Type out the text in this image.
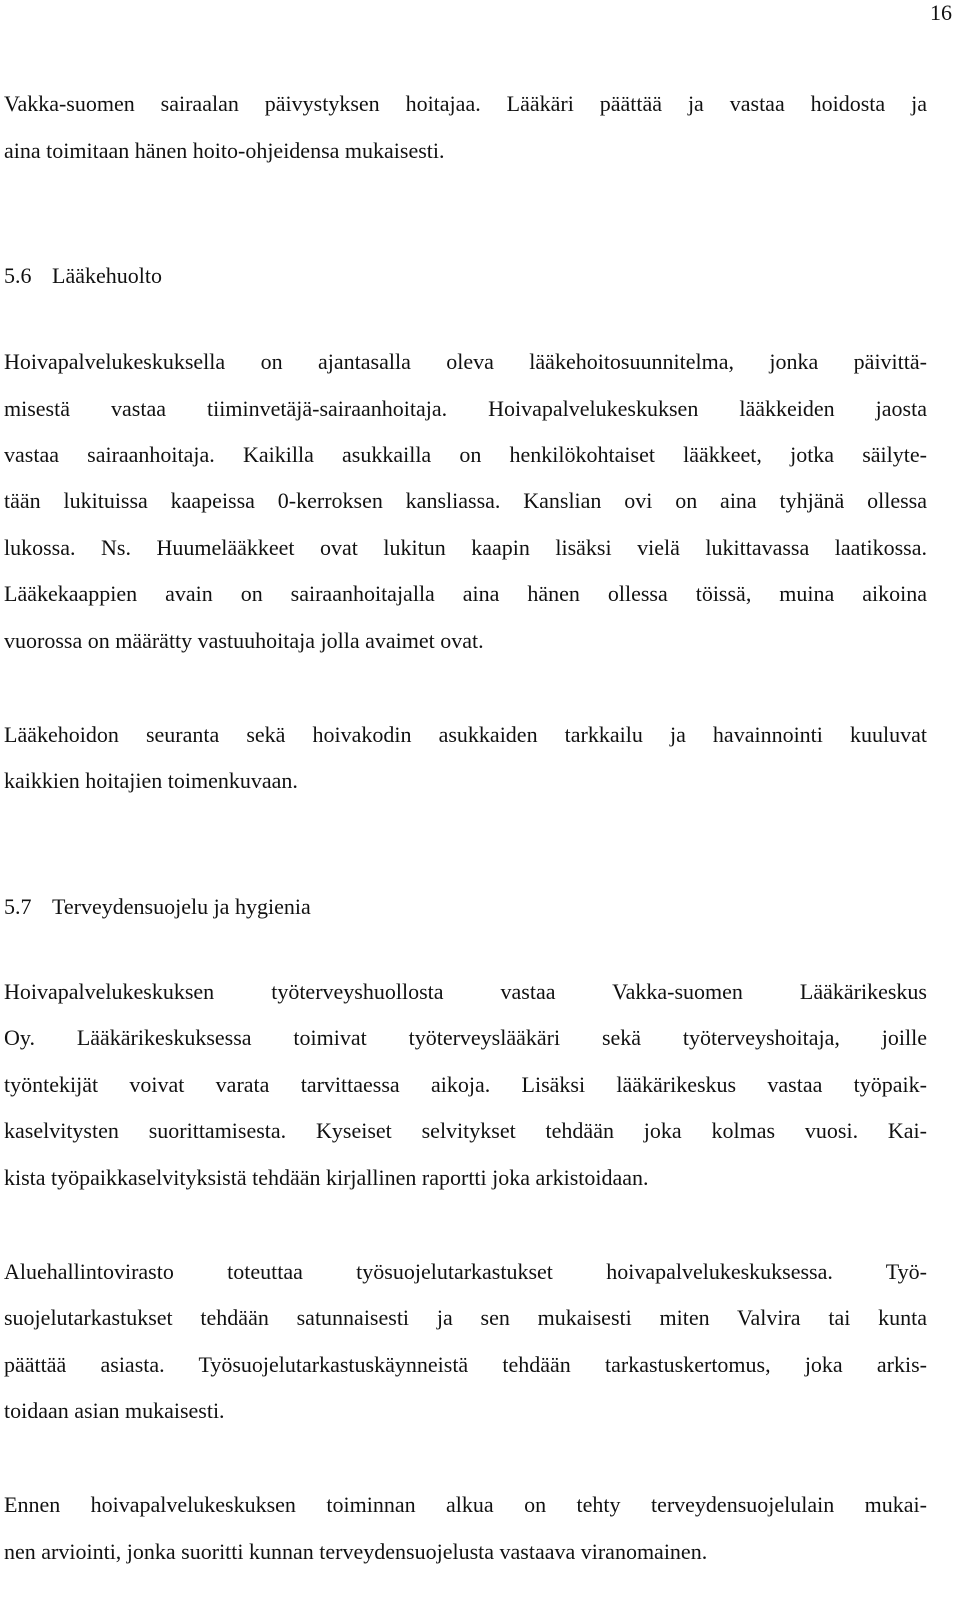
16
Vakka-suomen sairaalan päivystyksen hoitajaa. Lääkäri päättää ja vastaa hoidosta ja
aina toimitaan hänen hoito-ohjeidensa mukaisesti.
5.6 Lääkehuolto
Hoivapalvelukeskuksella on ajantasalla oleva lääkehoitosuunnitelma, jonka päivittä-
misestä vastaa tiiminvetäjä-sairaanhoitaja. Hoivapalvelukeskuksen lääkkeiden jaosta
vastaa sairaanhoitaja. Kaikilla asukkailla on henkilökohtaiset lääkkeet, jotka säilyte-
tään lukituissa kaapeissa 0-kerroksen kansliassa. Kanslian ovi on aina tyhjänä ollessa
lukossa. Ns. Huumelääkkeet ovat lukitun kaapin lisäksi vielä lukittavassa laatikossa.
Lääkekaappien avain on sairaanhoitajalla aina hänen ollessa töissä, muina aikoina
vuorossa on määrätty vastuuhoitaja jolla avaimet ovat.
Lääkehoidon seuranta sekä hoivakodin asukkaiden tarkkailu ja havainnointi kuuluvat
kaikkien hoitajien toimenkuvaan.
5.7 Terveydensuojelu ja hygienia
Hoivapalvelukeskuksen työterveyshuollosta vastaa Vakka-suomen Lääkärikeskus
Oy. Lääkärikeskuksessa toimivat työterveyslääkäri sekä työterveyshoitaja, joille
työntekijät voivat varata tarvittaessa aikoja. Lisäksi lääkärikeskus vastaa työpaik-
kaselvitysten suorittamisesta. Kyseiset selvitykset tehdään joka kolmas vuosi. Kai-
kista työpaikkaselvityksistä tehdään kirjallinen raportti joka arkistoidaan.
Aluehallintovirasto toteuttaa työsuojelutarkastukset hoivapalvelukeskuksessa. Työ-
suojelutarkastukset tehdään satunnaisesti ja sen mukaisesti miten Valvira tai kunta
päättää asiasta. Työsuojelutarkastuskäynneistä tehdään tarkastuskertomus, joka arkis-
toidaan asian mukaisesti.
Ennen hoivapalvelukeskuksen toiminnan alkua on tehty terveydensuojelulain mukai-
nen arviointi, jonka suoritti kunnan terveydensuojelusta vastaava viranomainen.
